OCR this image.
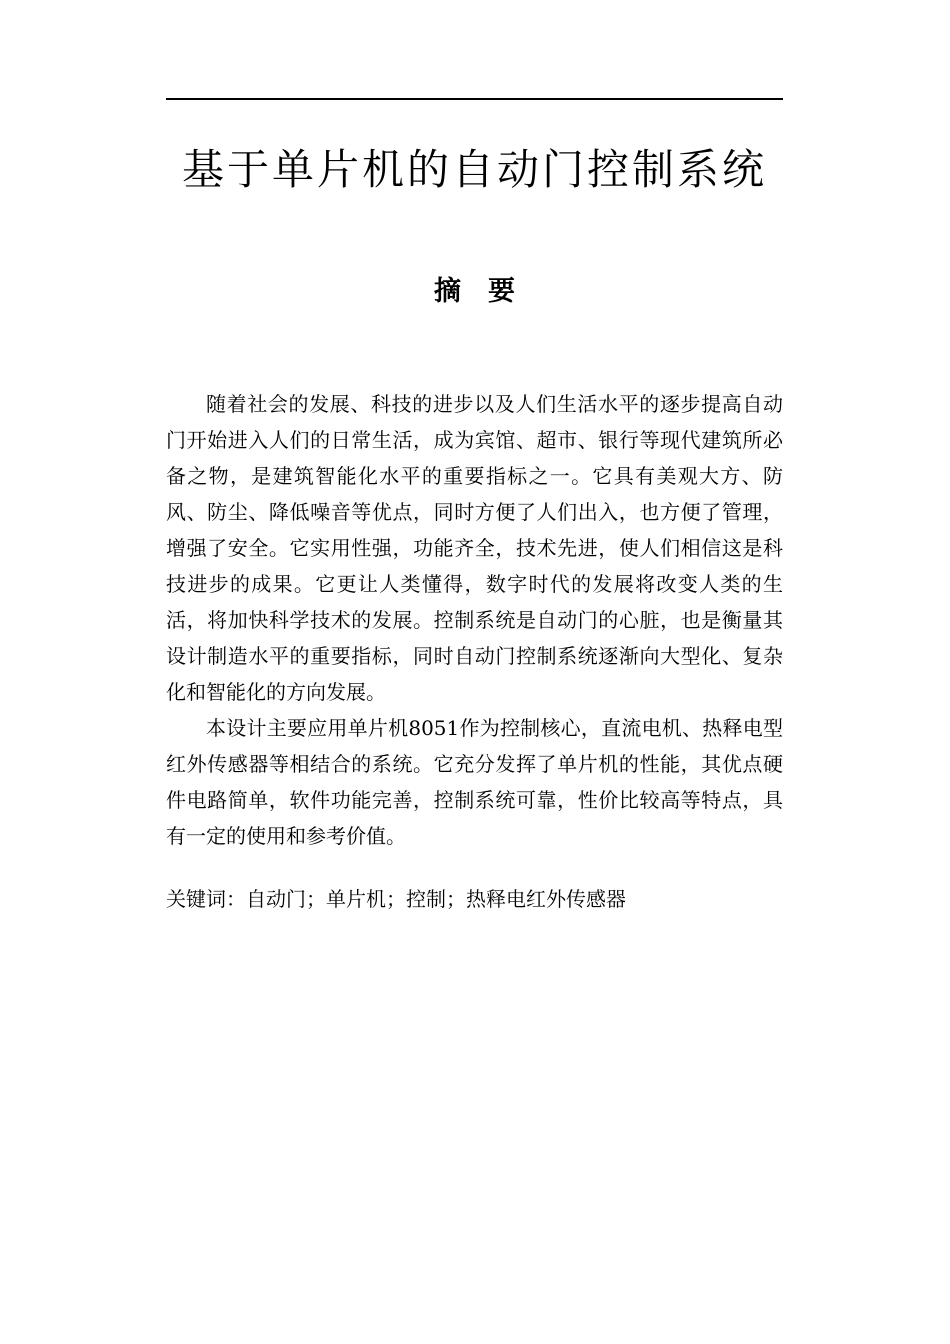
基于单片机的自动门控制系统
摘 要

随着社会的发展、科技的进步以及人们生活水平的逐步提高自动门开始进入人们的日常生活，成为宾馆、超市、银行等现代建筑所必备之物，是建筑智能化水平的重要指标之一。它具有美观大方、防风、防尘、降低噪音等优点，同时方便了人们出入，也方便了管理，增强了安全。它实用性强，功能齐全，技术先进，使人们相信这是科技进步的成果。它更让人类懂得，数字时代的发展将改变人类的生活，将加快科学技术的发展。控制系统是自动门的心脏，也是衡量其设计制造水平的重要指标，同时自动门控制系统逐渐向大型化、复杂化和智能化的方向发展。

本设计主要应用单片机8051作为控制核心，直流电机、热释电型红外传感器等相结合的系统。它充分发挥了单片机的性能，其优点硬件电路简单，软件功能完善，控制系统可靠，性价比较高等特点，具有一定的使用和参考价值。

关键词：自动门；单片机；控制；热释电红外传感器
